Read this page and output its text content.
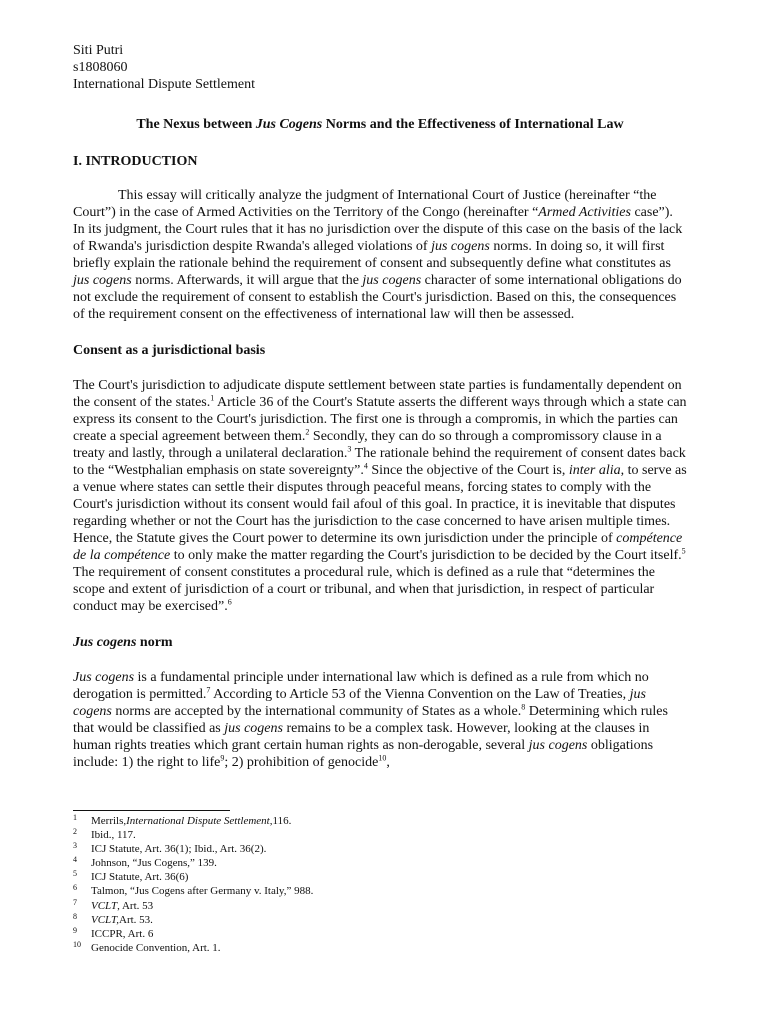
Siti Putri

s1808060

International Dispute Settlement

The Nexus between Jus Cogens Norms and the Effectiveness of International Law

I. INTRODUCTION

This essay will critically analyze the judgment of International Court of Justice (hereinafter “the Court”) in the case of Armed Activities on the Territory of the Congo (hereinafter “Armed Activities case”). In its judgment, the Court rules that it has no jurisdiction over the dispute of this case on the basis of the lack of Rwanda's jurisdiction despite Rwanda's alleged violations of jus cogens norms. In doing so, it will first briefly explain the rationale behind the requirement of consent and subsequently define what constitutes as jus cogens norms. Afterwards, it will argue that the jus cogens character of some international obligations do not exclude the requirement of consent to establish the Court's jurisdiction. Based on this, the consequences of the requirement consent on the effectiveness of international law will then be assessed.

Consent as a jurisdictional basis

The Court's jurisdiction to adjudicate dispute settlement between state parties is fundamentally dependent on the consent of the states.$^1$ Article 36 of the Court's Statute asserts the different ways through which a state can express its consent to the Court's jurisdiction. The first one is through a compromis, in which the parties can create a special agreement between them.$^2$ Secondly, they can do so through a compromissory clause in a treaty and lastly, through a unilateral declaration.$^3$ The rationale behind the requirement of consent dates back to the “Westphalian emphasis on state sovereignty”.$^4$ Since the objective of the Court is, inter alia, to serve as a venue where states can settle their disputes through peaceful means, forcing states to comply with the Court's jurisdiction without its consent would fail afoul of this goal. In practice, it is inevitable that disputes regarding whether or not the Court has the jurisdiction to the case concerned to have arisen multiple times. Hence, the Statute gives the Court power to determine its own jurisdiction under the principle of compétence de la compétence to only make the matter regarding the Court's jurisdiction to be decided by the Court itself.$^5$ The requirement of consent constitutes a procedural rule, which is defined as a rule that “determines the scope and extent of jurisdiction of a court or tribunal, and when that jurisdiction, in respect of particular conduct may be exercised”.$^6$

Jus cogens norm

Jus cogens is a fundamental principle under international law which is defined as a rule from which no derogation is permitted.$^7$ According to Article 53 of the Vienna Convention on the Law of Treaties, jus cogens norms are accepted by the international community of States as a whole.$^8$ Determining which rules that would be classified as jus cogens remains to be a complex task. However, looking at the clauses in human rights treaties which grant certain human rights as non-derogable, several jus cogens obligations include: 1) the right to life$^9$; 2) prohibition of genocide$^{10}$,

1	Merrils, International Dispute Settlement, 116.

2	Ibid., 117.

3	ICJ Statute, Art. 36(1); Ibid., Art. 36(2).

4	Johnson, “Jus Cogens,” 139.

5	ICJ Statute, Art. 36(6)

6	Talmon, “Jus Cogens after Germany v. Italy,” 988.

7	VCLT , Art. 53

8	VCLT, Art. 53.

9	ICCPR, Art. 6

10 Genocide Convention, Art. 1.
